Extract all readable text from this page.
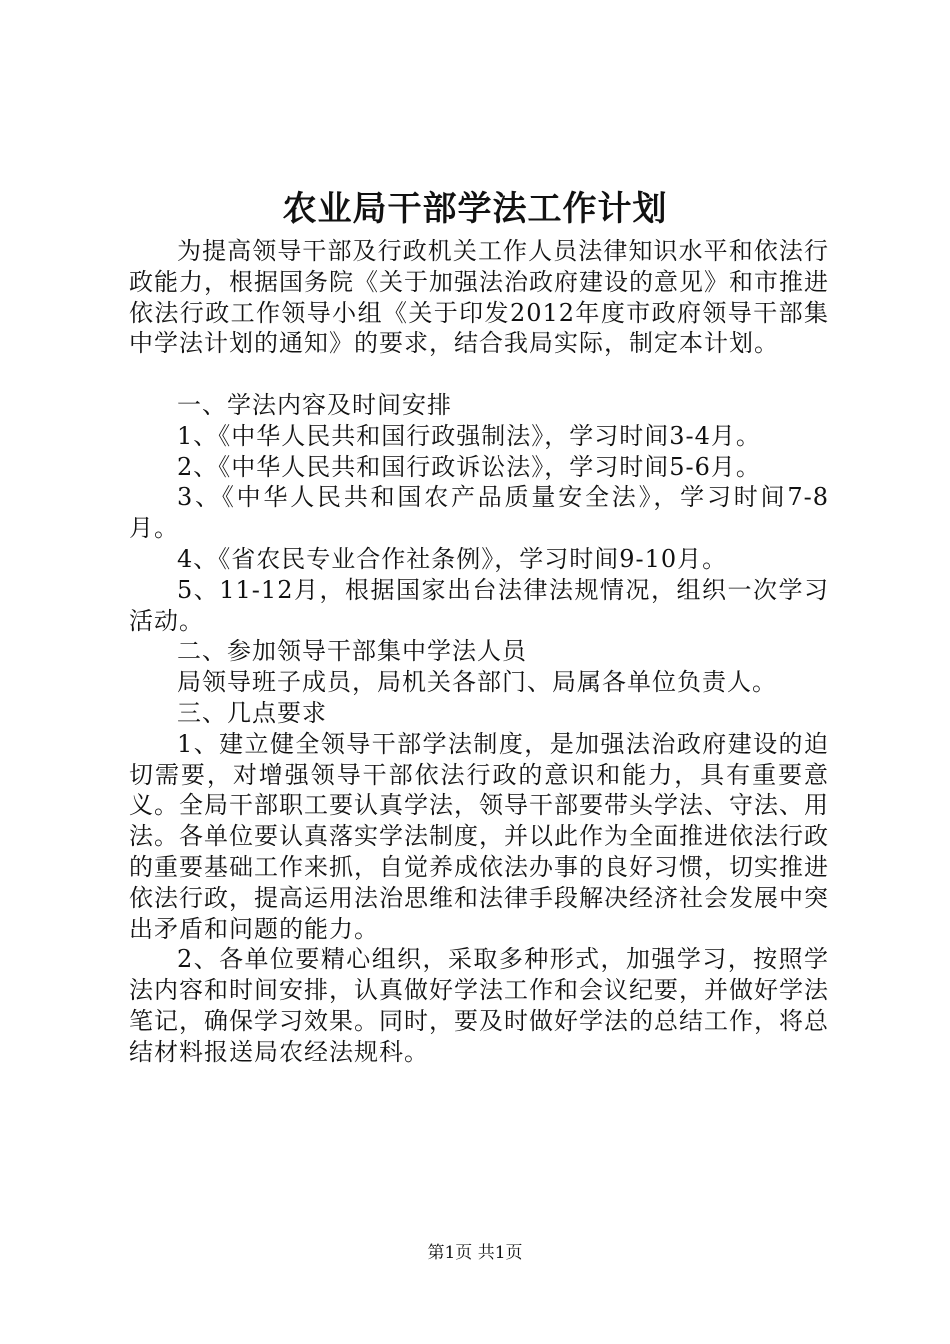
农业局干部学法工作计划

为提高领导干部及行政机关工作人员法律知识水平和依法行政能力，根据国务院《关于加强法治政府建设的意见》和市推进依法行政工作领导小组《关于印发2012年度市政府领导干部集中学法计划的通知》的要求，结合我局实际，制定本计划。

一、学法内容及时间安排

1、《中华人民共和国行政强制法》，学习时间3-4月。

2、《中华人民共和国行政诉讼法》，学习时间5-6月。

3、《中华人民共和国农产品质量安全法》，学习时间7-8月。

4、《省农民专业合作社条例》，学习时间9-10月。

5、11-12月，根据国家出台法律法规情况，组织一次学习活动。

二、参加领导干部集中学法人员

局领导班子成员，局机关各部门、局属各单位负责人。

三、几点要求

1、建立健全领导干部学法制度，是加强法治政府建设的迫切需要，对增强领导干部依法行政的意识和能力，具有重要意义。全局干部职工要认真学法，领导干部要带头学法、守法、用法。各单位要认真落实学法制度，并以此作为全面推进依法行政的重要基础工作来抓，自觉养成依法办事的良好习惯，切实推进依法行政，提高运用法治思维和法律手段解决经济社会发展中突出矛盾和问题的能力。

2、各单位要精心组织，采取多种形式，加强学习，按照学法内容和时间安排，认真做好学法工作和会议纪要，并做好学法笔记，确保学习效果。同时，要及时做好学法的总结工作，将总结材料报送局农经法规科。

第1页 共1页
